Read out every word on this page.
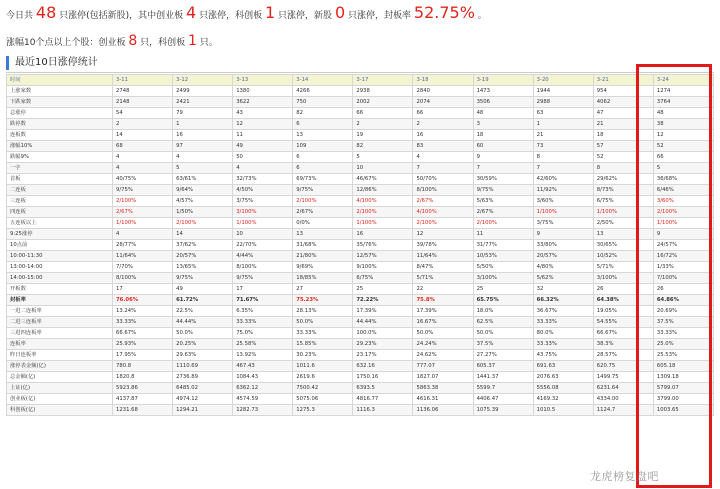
今日共 48 只涨停(包括新股)，其中创业板 4 只涨停，科创板 1 只涨停，新股 0 只涨停，封板率 52.75% 。
涨幅10个点以上个股：创业板 8 只，科创板 1 只。
最近10日涨停统计
时间	3-11	3-12	3-13	3-14	3-17	3-18	3-19	3-20	3-21	3-24
上涨家数	2748	2499	1380	4266	2938	2840	1473	1944	954	1274
下跌家数	2148	2421	3622	750	2002	2074	3506	2988	4062	3764
总涨停	54	79	43	82	66	66	48	63	47	48
跌停数	2	1	12	6	2	2	3	1	21	38
连板数	14	16	11	13	19	16	18	21	18	12
涨幅10%	68	97	49	109	82	83	60	73	57	52
跌幅9%	4	4	50	6	5	4	9	8	52	66
一字	4	5	4	6	10	7	7	7	8	5
首板	40/75%	63/61%	32/73%	69/73%	46/67%	50/70%	30/59%	42/60%	29/62%	36/68%
二连板	9/75%	9/64%	4/50%	9/75%	12/86%	8/100%	9/75%	11/92%	8/73%	6/46%
三连板	2/100%	4/57%	3/75%	2/100%	4/100%	2/67%	5/63%	3/60%	6/75%	3/60%
四连板	2/67%	1/50%	3/100%	2/67%	2/100%	4/100%	2/67%	1/100%	1/100%	2/100%
五连板以上	1/100%	2/100%	1/100%	0/0%	1/100%	2/100%	2/100%	3/75%	2/50%	1/100%
9:25涨停	4	14	10	13	16	12	11	9	13	9
10点前	28/77%	37/62%	22/70%	31/68%	35/76%	39/78%	31/77%	33/80%	30/65%	24/57%
10:00-11:30	11/64%	20/57%	4/44%	21/80%	12/57%	11/64%	10/53%	20/57%	10/52%	16/72%
13:00-14:00	7/70%	13/65%	8/100%	9/69%	9/100%	8/47%	5/50%	4/80%	5/71%	1/33%
14:00-15:00	8/100%	9/75%	9/75%	18/85%	6/75%	5/71%	3/100%	5/62%	3/100%	7/100%
开板数	17	49	17	27	25	22	25	32	26	26
封板率	76.06%	61.72%	71.67%	75.23%	72.22%	75.8%	65.75%	66.32%	64.38%	64.86%
一进二连板率	13.24%	22.5%	6.35%	28.13%	17.39%	17.39%	18.0%	36.67%	19.05%	20.69%
二进三连板率	33.33%	44.44%	33.33%	50.0%	44.44%	16.67%	62.5%	33.33%	54.55%	37.5%
三进四连板率	66.67%	50.0%	75.0%	33.33%	100.0%	50.0%	50.0%	80.0%	66.67%	33.33%
连板率	25.93%	20.25%	25.58%	15.85%	29.23%	24.24%	37.5%	33.33%	38.3%	25.0%
昨日连板率	17.95%	29.63%	13.92%	30.23%	23.17%	24.62%	27.27%	43.75%	28.57%	25.53%
涨停表金额(亿)	780.8	1110.69	467.43	1011.6	632.16	777.07	605.37	691.63	620.75	605.18
总金额(亿)	1820.8	2736.89	1084.43	2619.6	1750.16	1827.07	1441.37	2076.63	1499.75	1309.18
上证(亿)	5923.86	6485.02	6362.12	7500.42	6393.5	5863.38	5599.7	5556.08	6231.64	5799.07
创业板(亿)	4137.87	4974.12	4574.59	5075.06	4816.77	4616.31	4406.47	4169.32	4334.00	3799.00
科创板(亿)	1231.68	1294.21	1282.73	1275.3	1116.3	1136.06	1075.39	1010.5	1124.7	1003.65
龙虎榜复盘吧
